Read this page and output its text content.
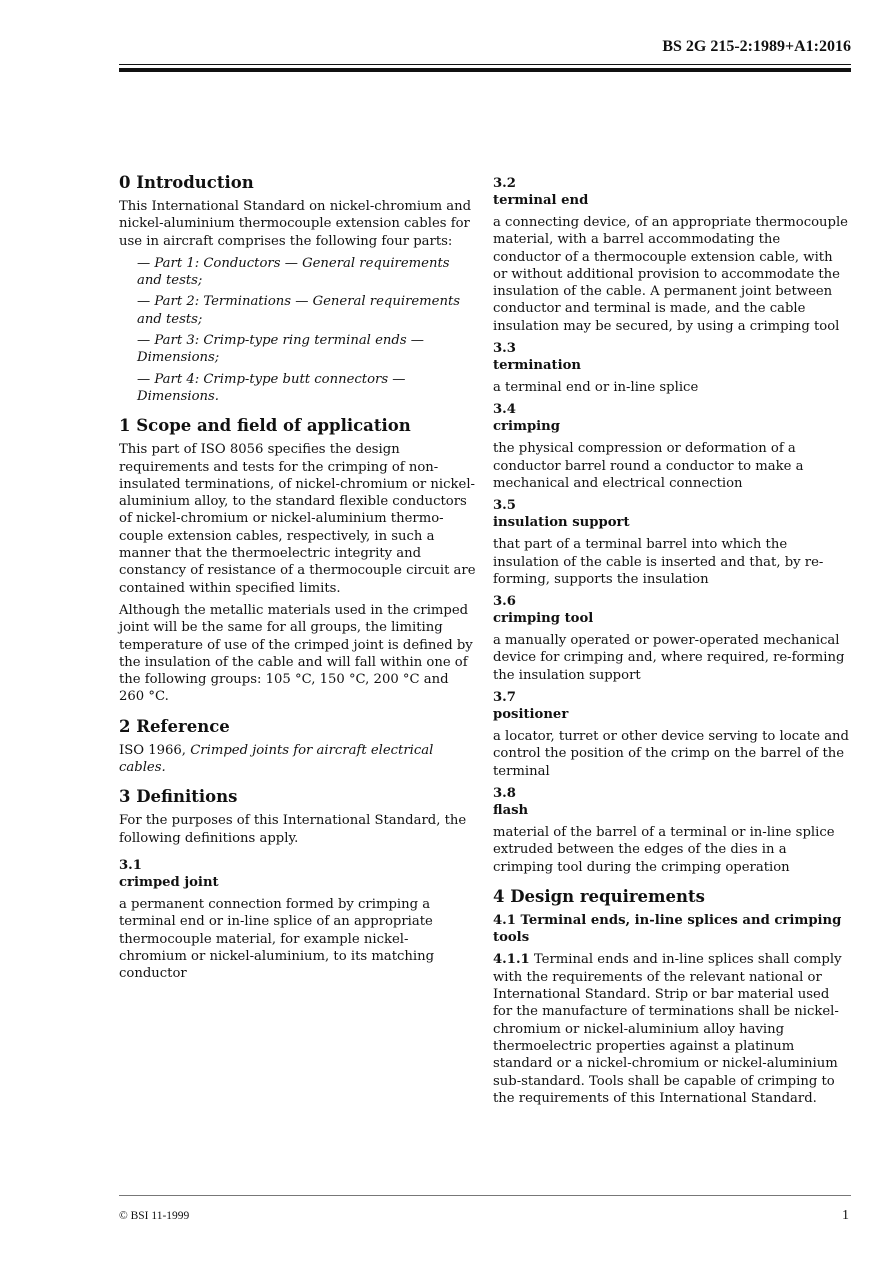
BS 2G 215-2:1989+A1:2016
0 Introduction

This International Standard on nickel-chromium and nickel-aluminium thermocouple extension cables for use in aircraft comprises the following four parts:

— Part 1: Conductors — General requirements and tests;
— Part 2: Terminations — General requirements and tests;
— Part 3: Crimp-type ring terminal ends — Dimensions;
— Part 4: Crimp-type butt connectors — Dimensions.
1 Scope and field of application

This part of ISO 8056 specifies the design requirements and tests for the crimping of non-insulated terminations, of nickel-chromium or nickel-aluminium alloy, to the standard flexible conductors of nickel-chromium or nickel-aluminium thermo-couple extension cables, respectively, in such a manner that the thermoelectric integrity and constancy of resistance of a thermocouple circuit are contained within specified limits.

Although the metallic materials used in the crimped joint will be the same for all groups, the limiting temperature of use of the crimped joint is defined by the insulation of the cable and will fall within one of the following groups: 105 °C, 150 °C, 200 °C and 260 °C.

2 Reference

ISO 1966, Crimped joints for aircraft electrical cables.

3 Definitions

For the purposes of this International Standard, the following definitions apply.

3.1
crimped joint
a permanent connection formed by crimping a terminal end or in-line splice of an appropriate thermocouple material, for example nickel-chromium or nickel-aluminium, to its matching conductor
3.2
terminal end
a connecting device, of an appropriate thermocouple material, with a barrel accommodating the conductor of a thermocouple extension cable, with or without additional provision to accommodate the insulation of the cable. A permanent joint between conductor and terminal is made, and the cable insulation may be secured, by using a crimping tool
3.3
termination
a terminal end or in-line splice
3.4
crimping
the physical compression or deformation of a conductor barrel round a conductor to make a mechanical and electrical connection
3.5
insulation support
that part of a terminal barrel into which the insulation of the cable is inserted and that, by re-forming, supports the insulation
3.6
crimping tool
a manually operated or power-operated mechanical device for crimping and, where required, re-forming the insulation support
3.7
positioner
a locator, turret or other device serving to locate and control the position of the crimp on the barrel of the terminal
3.8
flash
material of the barrel of a terminal or in-line splice extruded between the edges of the dies in a crimping tool during the crimping operation
4 Design requirements
4.1 Terminal ends, in-line splices and crimping tools

4.1.1 Terminal ends and in-line splices shall comply with the requirements of the relevant national or International Standard. Strip or bar material used for the manufacture of terminations shall be nickel-chromium or nickel-aluminium alloy having thermoelectric properties against a platinum standard or a nickel-chromium or nickel-aluminium sub-standard. Tools shall be capable of crimping to the requirements of this International Standard.

© BSI 11-1999	1
